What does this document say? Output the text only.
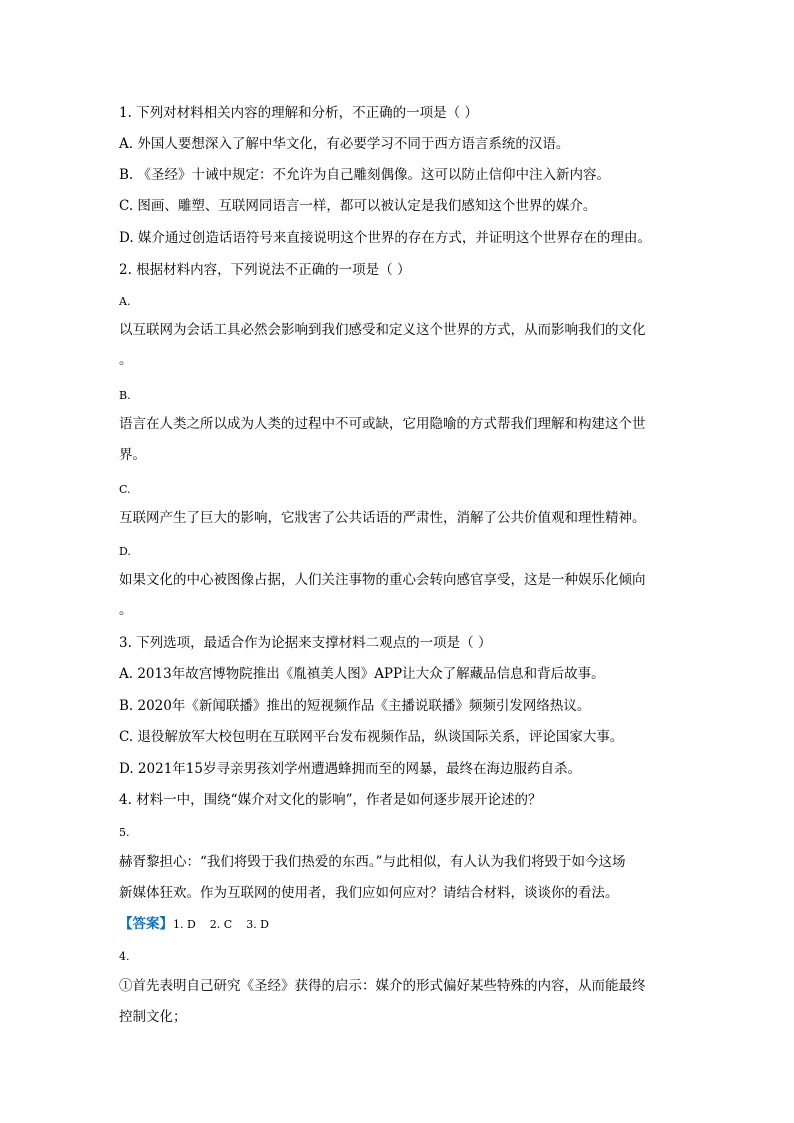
1. 下列对材料相关内容的理解和分析，不正确的一项是（ ）
A. 外国人要想深入了解中华文化，有必要学习不同于西方语言系统的汉语。
B. 《圣经》十诫中规定：不允许为自己雕刻偶像。这可以防止信仰中注入新内容。
C. 图画、雕塑、互联网同语言一样，都可以被认定是我们感知这个世界的媒介。
D. 媒介通过创造话语符号来直接说明这个世界的存在方式，并证明这个世界存在的理由。
2. 根据材料内容，下列说法不正确的一项是（ ）
A.
以互联网为会话工具必然会影响到我们感受和定义这个世界的方式，从而影响我们的文化
。
B.
语言在人类之所以成为人类的过程中不可或缺，它用隐喻的方式帮我们理解和构建这个世
界。
C.
互联网产生了巨大的影响，它戕害了公共话语的严肃性，消解了公共价值观和理性精神。
D.
如果文化的中心被图像占据，人们关注事物的重心会转向感官享受，这是一种娱乐化倾向
。
3. 下列选项，最适合作为论据来支撑材料二观点的一项是（ ）
A. 2013年故宫博物院推出《胤禛美人图》APP让大众了解藏品信息和背后故事。
B. 2020年《新闻联播》推出的短视频作品《主播说联播》频频引发网络热议。
C. 退役解放军大校包明在互联网平台发布视频作品，纵谈国际关系，评论国家大事。
D. 2021年15岁寻亲男孩刘学州遭遇蜂拥而至的网暴，最终在海边服药自杀。
4. 材料一中，围绕“媒介对文化的影响”，作者是如何逐步展开论述的？
5.
赫胥黎担心：“我们将毁于我们热爱的东西。”与此相似，有人认为我们将毁于如今这场
新媒体狂欢。作为互联网的使用者，我们应如何应对？请结合材料，谈谈你的看法。
【答案】1. D    2. C    3. D
4.
①首先表明自己研究《圣经》获得的启示：媒介的形式偏好某些特殊的内容，从而能最终
控制文化；
